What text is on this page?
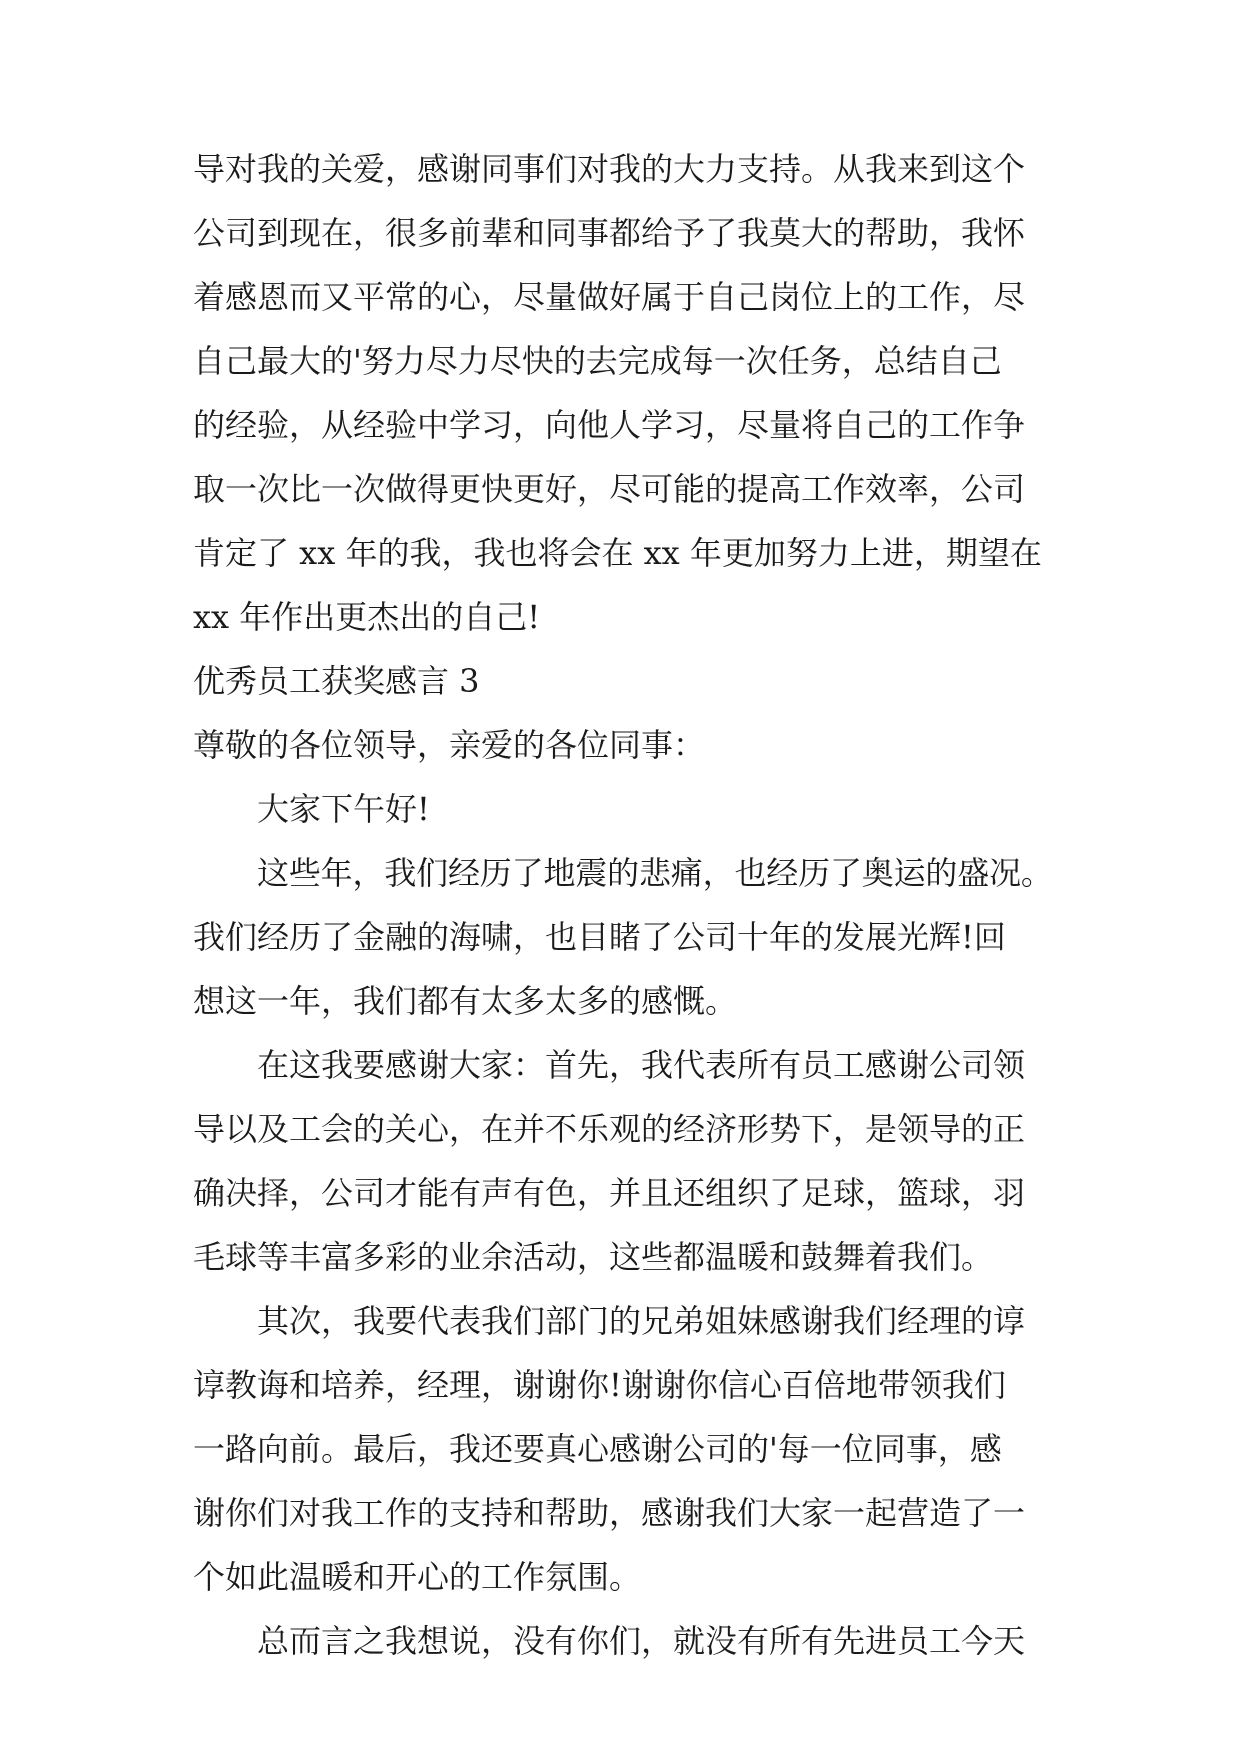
导对我的关爱，感谢同事们对我的大力支持。从我来到这个

公司到现在，很多前辈和同事都给予了我莫大的帮助，我怀

着感恩而又平常的心，尽量做好属于自己岗位上的工作，尽

自己最大的'努力尽力尽快的去完成每一次任务，总结自己

的经验，从经验中学习，向他人学习，尽量将自己的工作争

取一次比一次做得更快更好，尽可能的提高工作效率，公司

肯定了 xx 年的我，我也将会在 xx 年更加努力上进，期望在

xx 年作出更杰出的自己!

优秀员工获奖感言 3

尊敬的各位领导，亲爱的各位同事：

大家下午好!

这些年，我们经历了地震的悲痛，也经历了奥运的盛况。

我们经历了金融的海啸，也目睹了公司十年的发展光辉!回

想这一年，我们都有太多太多的感慨。

在这我要感谢大家：首先，我代表所有员工感谢公司领

导以及工会的关心，在并不乐观的经济形势下，是领导的正

确决择，公司才能有声有色，并且还组织了足球，篮球，羽

毛球等丰富多彩的业余活动，这些都温暖和鼓舞着我们。

其次，我要代表我们部门的兄弟姐妹感谢我们经理的谆

谆教诲和培养，经理，谢谢你!谢谢你信心百倍地带领我们

一路向前。最后，我还要真心感谢公司的'每一位同事，感

谢你们对我工作的支持和帮助，感谢我们大家一起营造了一

个如此温暖和开心的工作氛围。

总而言之我想说，没有你们，就没有所有先进员工今天
